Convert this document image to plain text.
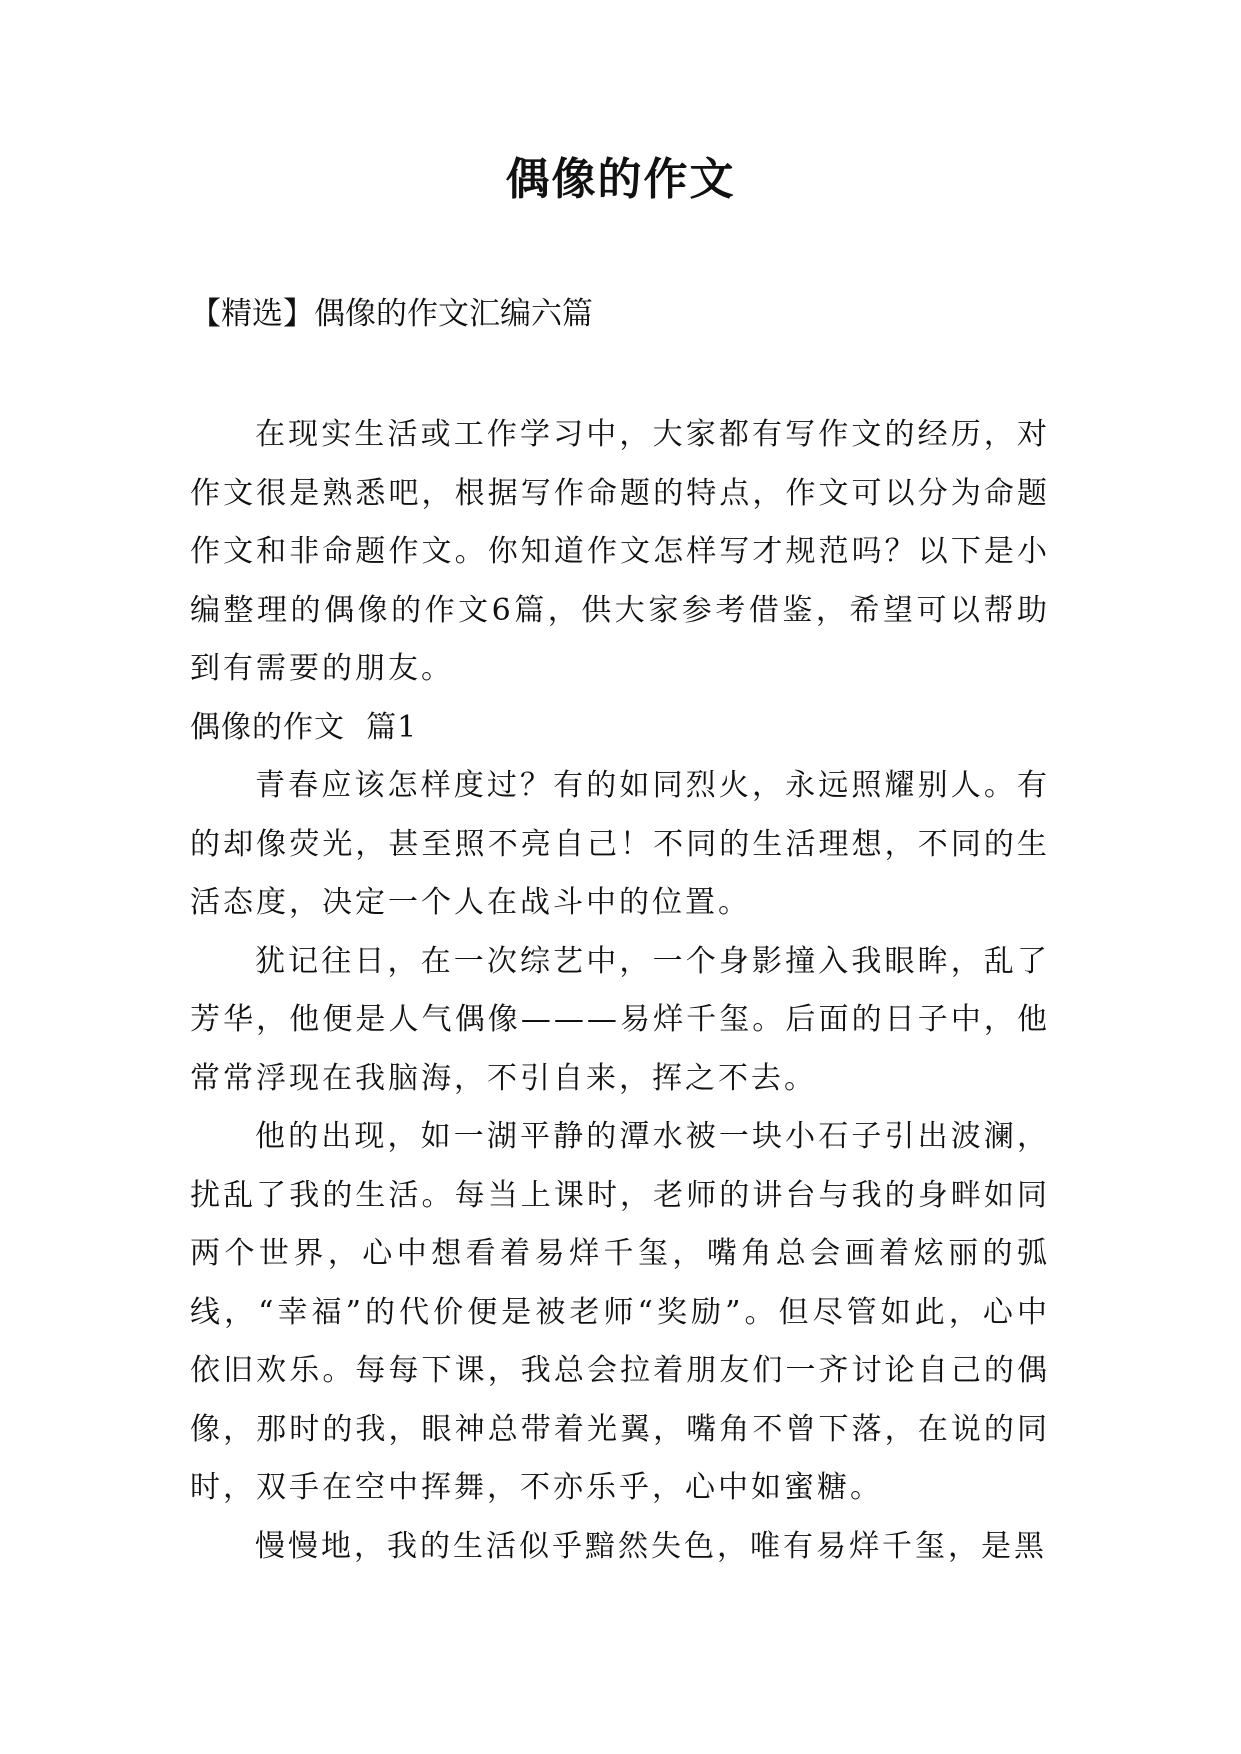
偶像的作文

【精选】偶像的作文汇编六篇

在现实生活或工作学习中，大家都有写作文的经历，对作文很是熟悉吧，根据写作命题的特点，作文可以分为命题作文和非命题作文。你知道作文怎样写才规范吗？以下是小编整理的偶像的作文6篇，供大家参考借鉴，希望可以帮助到有需要的朋友。

偶像的作文  篇1

青春应该怎样度过？有的如同烈火，永远照耀别人。有的却像荧光，甚至照不亮自己！不同的生活理想，不同的生活态度，决定一个人在战斗中的位置。

犹记往日，在一次综艺中，一个身影撞入我眼眸，乱了芳华，他便是人气偶像———易烊千玺。后面的日子中，他常常浮现在我脑海，不引自来，挥之不去。

他的出现，如一湖平静的潭水被一块小石子引出波澜，扰乱了我的生活。每当上课时，老师的讲台与我的身畔如同两个世界，心中想看着易烊千玺，嘴角总会画着炫丽的弧线，“幸福”的代价便是被老师“奖励”。但尽管如此，心中依旧欢乐。每每下课，我总会拉着朋友们一齐讨论自己的偶像，那时的我，眼神总带着光翼，嘴角不曾下落，在说的同时，双手在空中挥舞，不亦乐乎，心中如蜜糖。

慢慢地，我的生活似乎黯然失色，唯有易烊千玺，是黑
